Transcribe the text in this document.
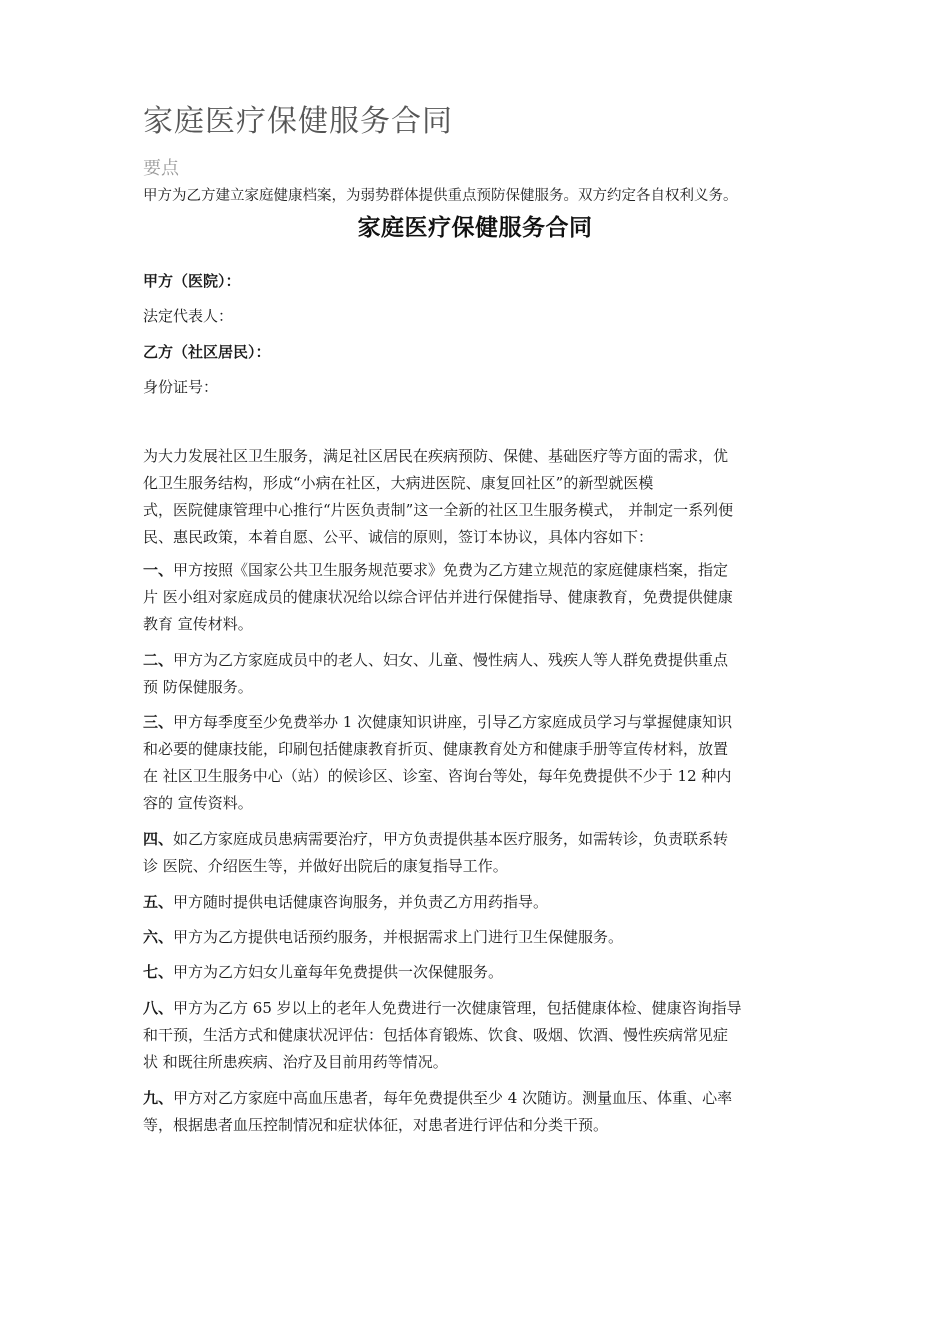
家庭医疗保健服务合同
要点
甲方为乙方建立家庭健康档案，为弱势群体提供重点预防保健服务。双方约定各自权利义务。
家庭医疗保健服务合同
甲方（医院）：
法定代表人：
乙方（社区居民）：
身份证号：
为大力发展社区卫生服务，满足社区居民在疾病预防、保健、基础医疗等方面的需求，优
化卫生服务结构，形成“小病在社区，大病进医院、康复回社区”的新型就医模
式，医院健康管理中心推行“片医负责制”这一全新的社区卫生服务模式， 并制定一系列便
民、惠民政策，本着自愿、公平、诚信的原则，签订本协议，具体内容如下：
一、甲方按照《国家公共卫生服务规范要求》免费为乙方建立规范的家庭健康档案，指定
片 医小组对家庭成员的健康状况给以综合评估并进行保健指导、健康教育，免费提供健康
教育 宣传材料。
二、甲方为乙方家庭成员中的老人、妇女、儿童、慢性病人、残疾人等人群免费提供重点
预 防保健服务。
三、甲方每季度至少免费举办 1 次健康知识讲座，引导乙方家庭成员学习与掌握健康知识
和必要的健康技能，印刷包括健康教育折页、健康教育处方和健康手册等宣传材料，放置
在 社区卫生服务中心（站）的候诊区、诊室、咨询台等处，每年免费提供不少于 12 种内
容的 宣传资料。
四、如乙方家庭成员患病需要治疗，甲方负责提供基本医疗服务，如需转诊，负责联系转
诊 医院、介绍医生等，并做好出院后的康复指导工作。
五、甲方随时提供电话健康咨询服务，并负责乙方用药指导。
六、甲方为乙方提供电话预约服务，并根据需求上门进行卫生保健服务。
七、甲方为乙方妇女儿童每年免费提供一次保健服务。
八、甲方为乙方 65 岁以上的老年人免费进行一次健康管理，包括健康体检、健康咨询指导
和干预，生活方式和健康状况评估：包括体育锻炼、饮食、吸烟、饮酒、慢性疾病常见症
状 和既往所患疾病、治疗及目前用药等情况。
九、甲方对乙方家庭中高血压患者，每年免费提供至少 4 次随访。测量血压、体重、心率
等，根据患者血压控制情况和症状体征，对患者进行评估和分类干预。
